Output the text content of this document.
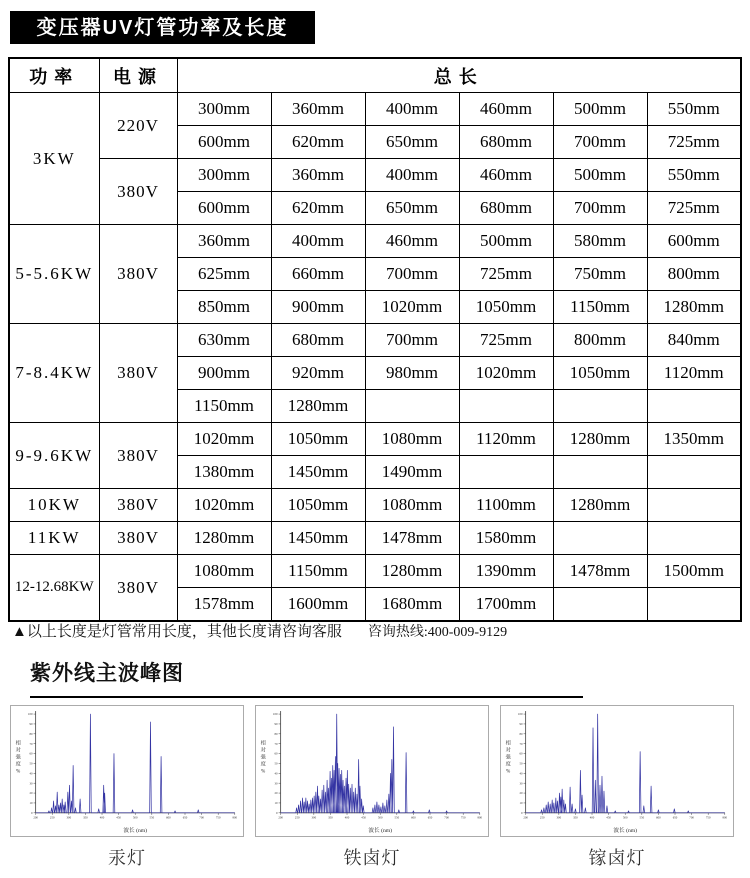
变压器UV灯管功率及长度
功率	电源	总长					
3KW	220V	300mm	360mm	400mm	460mm	500mm	550mm
		600mm	620mm	650mm	680mm	700mm	725mm
	380V	300mm	360mm	400mm	460mm	500mm	550mm
		600mm	620mm	650mm	680mm	700mm	725mm
5-5.6KW	380V	360mm	400mm	460mm	500mm	580mm	600mm
		625mm	660mm	700mm	725mm	750mm	800mm
		850mm	900mm	1020mm	1050mm	1150mm	1280mm
7-8.4KW	380V	630mm	680mm	700mm	725mm	800mm	840mm
		900mm	920mm	980mm	1020mm	1050mm	1120mm
		1150mm	1280mm				
9-9.6KW	380V	1020mm	1050mm	1080mm	1120mm	1280mm	1350mm
		1380mm	1450mm	1490mm			
10KW	380V	1020mm	1050mm	1080mm	1100mm	1280mm	
11KW	380V	1280mm	1450mm	1478mm	1580mm		
12-12.68KW	380V	1080mm	1150mm	1280mm	1390mm	1478mm	1500mm
		1578mm	1600mm	1680mm	1700mm		
▲以上长度是灯管常用长度，其他长度请咨询客服 咨询热线:400-009-9129
紫外线主波峰图
200	250	300	350	400	450	500	550	600	650	700	750	800
0
10
20
30
40
50
60
70
80
90
100
波长 (nm)
相
对
强
度
%
200	250	300	350	400	450	500	550	600	650	700	750	800
0
10
20
30
40
50
60
70
80
90
100
波长 (nm)
相
对
强
度
%
200	250	300	350	400	450	500	550	600	650	700	750	800
0
10
20
30
40
50
60
70
80
90
100
波长 (nm)
相
对
强
度
%
汞灯	铁卤灯	镓卤灯
